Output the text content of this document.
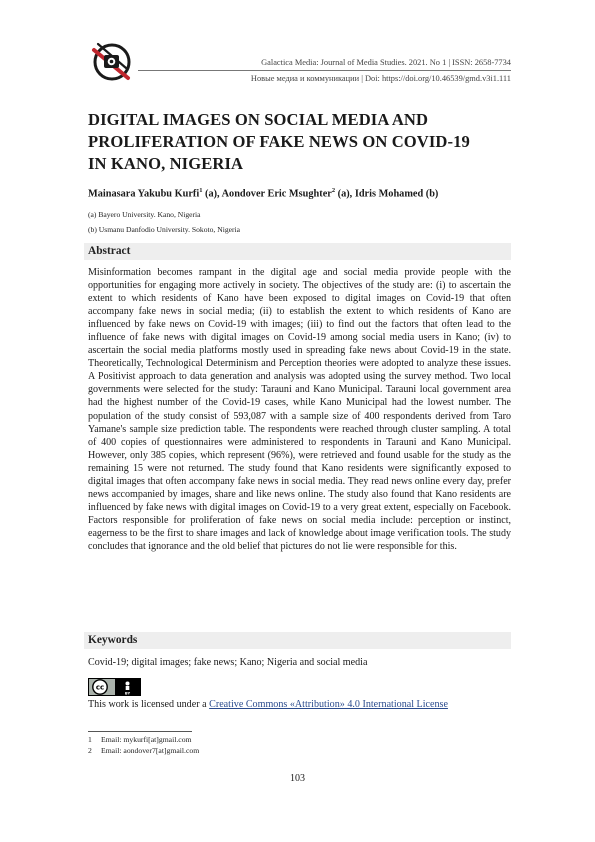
Galactica Media: Journal of Media Studies. 2021. No 1 | ISSN: 2658-7734
Новые медиа и коммуникации | Doi: https://doi.org/10.46539/gmd.v3i1.111
DIGITAL IMAGES ON SOCIAL MEDIA AND
PROLIFERATION OF FAKE NEWS ON COVID-19
IN KANO, NIGERIA
Mainasara Yakubu Kurfi$^1$ (a), Aondover Eric Msughter$^2$ (a), Idris Mohamed (b)
(a) Bayero University. Kano, Nigeria
(b) Usmanu Danfodio University. Sokoto, Nigeria
Abstract

Misinformation becomes rampant in the digital age and social media provide people with the opportunities for engaging more actively in society. The objectives of the study are: (i) to ascertain the extent to which residents of Kano have been exposed to digital images on Covid-19 that often accompany fake news in social media; (ii) to establish the extent to which residents of Kano are influenced by fake news on Covid-19 with images; (iii) to find out the factors that often lead to the influence of fake news with digital images on Covid-19 among social media users in Kano; (iv) to ascertain the social media platforms mostly used in spreading fake news about Covid-19 in the state. Theoretically, Technological Determinism and Perception theories were adopted to analyze these issues. A Positivist approach to data generation and analysis was adopted using the survey method. Two local governments were selected for the study: Tarauni and Kano Municipal. Tarauni local government area had the highest number of the Covid-19 cases, while Kano Municipal had the lowest number. The population of the study consist of 593,087 with a sample size of 400 respondents derived from Taro Yamane's sample size prediction table. The respondents were reached through cluster sampling. A total of 400 copies of questionnaires were administered to respondents in Tarauni and Kano Municipal. However, only 385 copies, which represent (96%), were retrieved and found usable for the study as the remaining 15 were not returned. The study found that Kano residents were significantly exposed to digital images that often accompany fake news in social media. They read news online every day, prefer news accompanied by images, share and like news online. The study also found that Kano residents are influenced by fake news with digital images on Covid-19 to a very great extent, especially on Facebook. Factors responsible for proliferation of fake news on social media include: perception or instinct, eagerness to be the first to share images and lack of knowledge about image verification tools. The study concludes that ignorance and the old belief that pictures do not lie were responsible for this.

Keywords
Covid-19; digital images; fake news; Kano; Nigeria and social media
cc
BY
This work is licensed under a Creative Commons «Attribution» 4.0 International License
1 Email: mykurfi[at]gmail.com
2 Email: aondover7[at]gmail.com
103
